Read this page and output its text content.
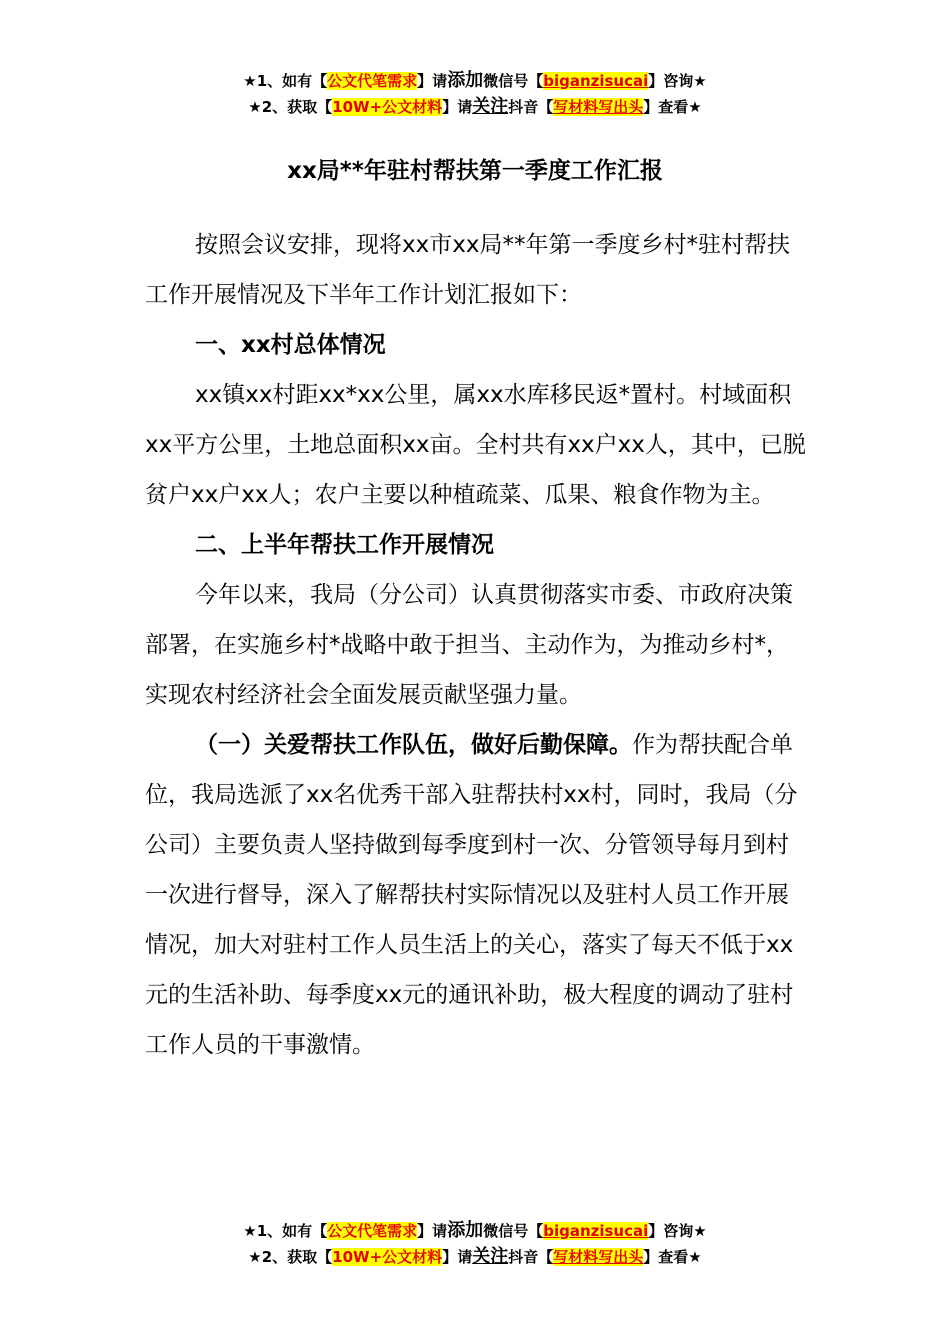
★1、如有【公文代笔需求】请添加微信号【biganzisucai】咨询★
★2、获取【10W+公文材料】请关注抖音【写材料写出头】查看★
xx局**年驻村帮扶第一季度工作汇报

按照会议安排，现将xx市xx局**年第一季度乡村*驻村帮扶工作开展情况及下半年工作计划汇报如下：

一、xx村总体情况

xx镇xx村距xx*xx公里，属xx水库移民返*置村。村域面积xx平方公里，土地总面积xx亩。全村共有xx户xx人，其中，已脱贫户xx户xx人；农户主要以种植疏菜、瓜果、粮食作物为主。

二、上半年帮扶工作开展情况

今年以来，我局（分公司）认真贯彻落实市委、市政府决策部署，在实施乡村*战略中敢于担当、主动作为，为推动乡村*，实现农村经济社会全面发展贡献坚强力量。

（一）关爱帮扶工作队伍，做好后勤保障。作为帮扶配合单位，我局选派了xx名优秀干部入驻帮扶村xx村，同时，我局（分公司）主要负责人坚持做到每季度到村一次、分管领导每月到村一次进行督导，深入了解帮扶村实际情况以及驻村人员工作开展情况，加大对驻村工作人员生活上的关心，落实了每天不低于xx元的生活补助、每季度xx元的通讯补助，极大程度的调动了驻村工作人员的干事激情。

★1、如有【公文代笔需求】请添加微信号【biganzisucai】咨询★
★2、获取【10W+公文材料】请关注抖音【写材料写出头】查看★
